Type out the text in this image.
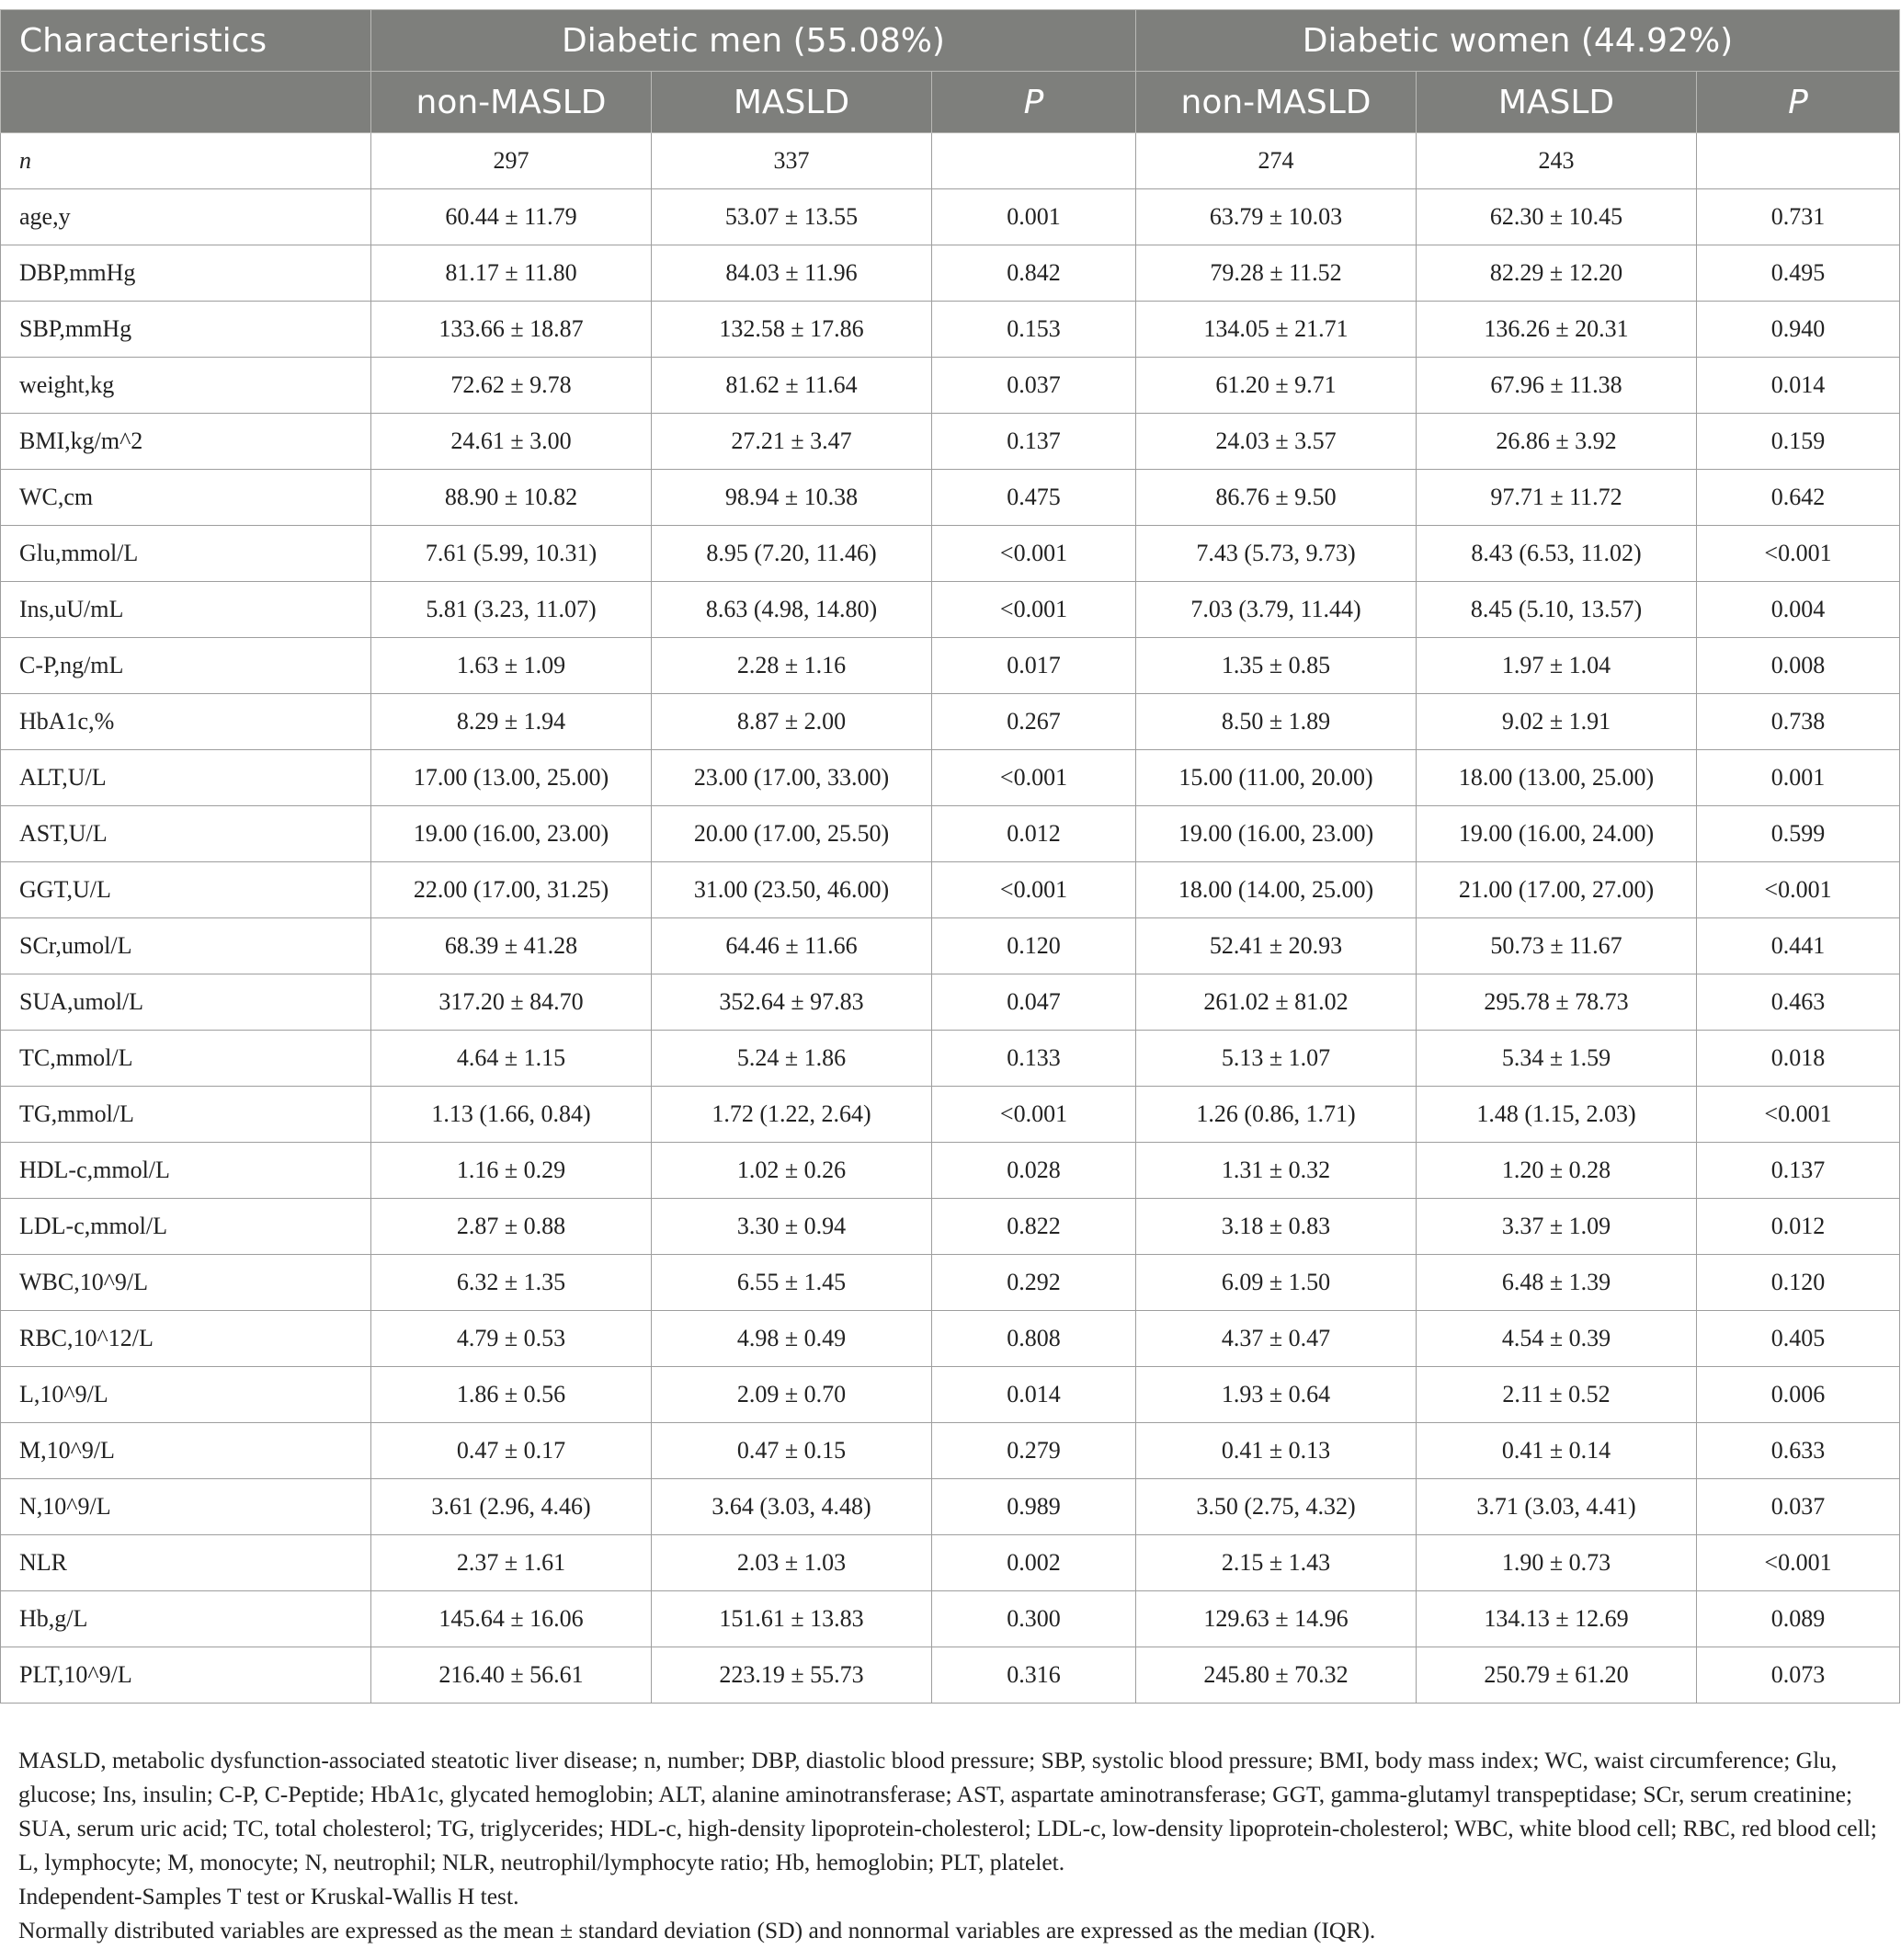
Characteristics	Diabetic men (55.08%)			Diabetic women (44.92%)		
	non-MASLD	MASLD	P	non-MASLD	MASLD	P
n	297	337		274	243	
age,y	60.44 ± 11.79	53.07 ± 13.55	0.001	63.79 ± 10.03	62.30 ± 10.45	0.731
DBP,mmHg	81.17 ± 11.80	84.03 ± 11.96	0.842	79.28 ± 11.52	82.29 ± 12.20	0.495
SBP,mmHg	133.66 ± 18.87	132.58 ± 17.86	0.153	134.05 ± 21.71	136.26 ± 20.31	0.940
weight,kg	72.62 ± 9.78	81.62 ± 11.64	0.037	61.20 ± 9.71	67.96 ± 11.38	0.014
BMI,kg/m^2	24.61 ± 3.00	27.21 ± 3.47	0.137	24.03 ± 3.57	26.86 ± 3.92	0.159
WC,cm	88.90 ± 10.82	98.94 ± 10.38	0.475	86.76 ± 9.50	97.71 ± 11.72	0.642
Glu,mmol/L	7.61 (5.99, 10.31)	8.95 (7.20, 11.46)	<0.001	7.43 (5.73, 9.73)	8.43 (6.53, 11.02)	<0.001
Ins,uU/mL	5.81 (3.23, 11.07)	8.63 (4.98, 14.80)	<0.001	7.03 (3.79, 11.44)	8.45 (5.10, 13.57)	0.004
C-P,ng/mL	1.63 ± 1.09	2.28 ± 1.16	0.017	1.35 ± 0.85	1.97 ± 1.04	0.008
HbA1c,%	8.29 ± 1.94	8.87 ± 2.00	0.267	8.50 ± 1.89	9.02 ± 1.91	0.738
ALT,U/L	17.00 (13.00, 25.00)	23.00 (17.00, 33.00)	<0.001	15.00 (11.00, 20.00)	18.00 (13.00, 25.00)	0.001
AST,U/L	19.00 (16.00, 23.00)	20.00 (17.00, 25.50)	0.012	19.00 (16.00, 23.00)	19.00 (16.00, 24.00)	0.599
GGT,U/L	22.00 (17.00, 31.25)	31.00 (23.50, 46.00)	<0.001	18.00 (14.00, 25.00)	21.00 (17.00, 27.00)	<0.001
SCr,umol/L	68.39 ± 41.28	64.46 ± 11.66	0.120	52.41 ± 20.93	50.73 ± 11.67	0.441
SUA,umol/L	317.20 ± 84.70	352.64 ± 97.83	0.047	261.02 ± 81.02	295.78 ± 78.73	0.463
TC,mmol/L	4.64 ± 1.15	5.24 ± 1.86	0.133	5.13 ± 1.07	5.34 ± 1.59	0.018
TG,mmol/L	1.13 (1.66, 0.84)	1.72 (1.22, 2.64)	<0.001	1.26 (0.86, 1.71)	1.48 (1.15, 2.03)	<0.001
HDL-c,mmol/L	1.16 ± 0.29	1.02 ± 0.26	0.028	1.31 ± 0.32	1.20 ± 0.28	0.137
LDL-c,mmol/L	2.87 ± 0.88	3.30 ± 0.94	0.822	3.18 ± 0.83	3.37 ± 1.09	0.012
WBC,10^9/L	6.32 ± 1.35	6.55 ± 1.45	0.292	6.09 ± 1.50	6.48 ± 1.39	0.120
RBC,10^12/L	4.79 ± 0.53	4.98 ± 0.49	0.808	4.37 ± 0.47	4.54 ± 0.39	0.405
L,10^9/L	1.86 ± 0.56	2.09 ± 0.70	0.014	1.93 ± 0.64	2.11 ± 0.52	0.006
M,10^9/L	0.47 ± 0.17	0.47 ± 0.15	0.279	0.41 ± 0.13	0.41 ± 0.14	0.633
N,10^9/L	3.61 (2.96, 4.46)	3.64 (3.03, 4.48)	0.989	3.50 (2.75, 4.32)	3.71 (3.03, 4.41)	0.037
NLR	2.37 ± 1.61	2.03 ± 1.03	0.002	2.15 ± 1.43	1.90 ± 0.73	<0.001
Hb,g/L	145.64 ± 16.06	151.61 ± 13.83	0.300	129.63 ± 14.96	134.13 ± 12.69	0.089
PLT,10^9/L	216.40 ± 56.61	223.19 ± 55.73	0.316	245.80 ± 70.32	250.79 ± 61.20	0.073

MASLD, metabolic dysfunction-associated steatotic liver disease; n, number; DBP, diastolic blood pressure; SBP, systolic blood pressure; BMI, body mass index; WC, waist circumference; Glu, glucose; Ins, insulin; C-P, C-Peptide; HbA1c, glycated hemoglobin; ALT, alanine aminotransferase; AST, aspartate aminotransferase; GGT, gamma-glutamyl transpeptidase; SCr, serum creatinine; SUA, serum uric acid; TC, total cholesterol; TG, triglycerides; HDL-c, high-density lipoprotein-cholesterol; LDL-c, low-density lipoprotein-cholesterol; WBC, white blood cell; RBC, red blood cell; L, lymphocyte; M, monocyte; N, neutrophil; NLR, neutrophil/lymphocyte ratio; Hb, hemoglobin; PLT, platelet.

Independent-Samples T test or Kruskal-Wallis H test.

Normally distributed variables are expressed as the mean ± standard deviation (SD) and nonnormal variables are expressed as the median (IQR).
